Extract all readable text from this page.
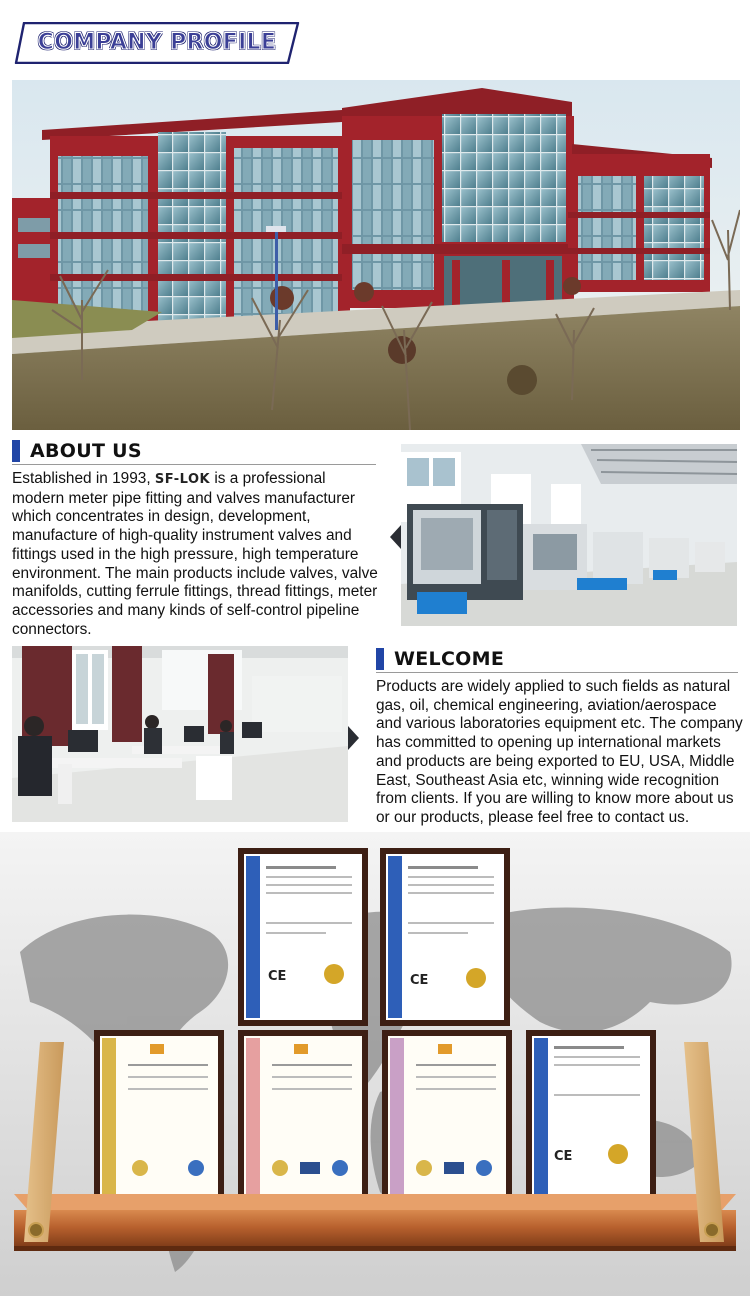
COMPANY PROFILE
ABOUT US
Established in 1993, SF-LOK is a professional modern meter pipe fitting and valves manufacturer which concentrates in design, development, manufacture of high-quality instrument valves and fittings used in the high pressure, high temperature environment. The main products include valves, valve manifolds, cutting ferrule fittings, thread fittings, meter accessories and many kinds of self-control pipeline connectors.
WELCOME
Products are widely applied to such fields as natural gas, oil, chemical engineering, aviation/aerospace and various laboratories equipment etc. The company has committed to opening up international markets and products are being exported to EU, USA, Middle East, Southeast Asia etc, winning wide recognition from clients. If you are willing to know more about us or our products, please feel free to contact us.
CE	CE
CE
